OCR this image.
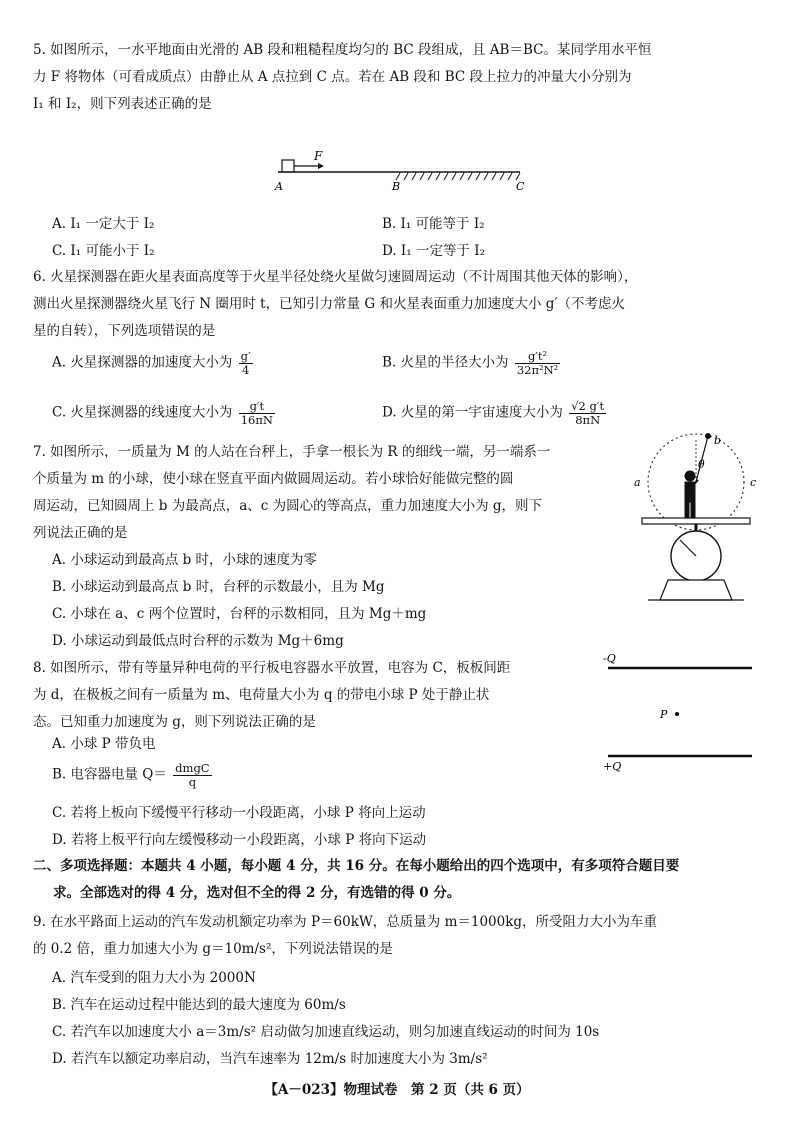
5. 如图所示，一水平地面由光滑的 AB 段和粗糙程度均匀的 BC 段组成，且 AB＝BC。某同学用水平恒
力 F 将物体（可看成质点）由静止从 A 点拉到 C 点。若在 AB 段和 BC 段上拉力的冲量大小分别为
I₁ 和 I₂，则下列表述正确的是
F
A	B	C
A. I₁ 一定大于 I₂	B. I₁ 可能等于 I₂
C. I₁ 可能小于 I₂	D. I₁ 一定等于 I₂
6. 火星探测器在距火星表面高度等于火星半径处绕火星做匀速圆周运动（不计周围其他天体的影响），
测出火星探测器绕火星飞行 N 圈用时 t，已知引力常量 G 和火星表面重力加速度大小 g′（不考虑火
星的自转），下列选项错误的是
A. 火星探测器的加速度大小为 $\frac{g'}{4}$	B. 火星的半径大小为 $\frac{\text{g′t²}}{\text{32π²N²}}$
C. 火星探测器的线速度大小为 $\frac{g't}{16\pi N}$	D. 火星的第一宇宙速度大小为 $\frac{√2 g't}{8\pi N}$
7. 如图所示，一质量为 M 的人站在台秤上，手拿一根长为 R 的细线一端，另一端系一
个质量为 m 的小球，使小球在竖直平面内做圆周运动。若小球恰好能做完整的圆
周运动，已知圆周上 b 为最高点，a、c 为圆心的等高点，重力加速度大小为 g，则下
列说法正确的是
A. 小球运动到最高点 b 时，小球的速度为零
B. 小球运动到最高点 b 时，台秤的示数最小，且为 Mg
C. 小球在 a、c 两个位置时，台秤的示数相同，且为 Mg＋mg
D. 小球运动到最低点时台秤的示数为 Mg＋6mg
b
θ
a	c
8. 如图所示，带有等量异种电荷的平行板电容器水平放置，电容为 C，板板间距
为 d，在极板之间有一质量为 m、电荷量大小为 q 的带电小球 P 处于静止状
态。已知重力加速度为 g，则下列说法正确的是
A. 小球 P 带负电
B. 电容器电量 $Q= \frac{\text{dmgC}}{q}$
C. 若将上板向下缓慢平行移动一小段距离，小球 P 将向上运动
D. 若将上板平行向左缓慢移动一小段距离，小球 P 将向下运动
-Q
P
+Q
二、多项选择题：本题共 4 小题，每小题 4 分，共 16 分。在每小题给出的四个选项中，有多项符合题目要
求。全部选对的得 4 分，选对但不全的得 2 分，有选错的得 0 分。
9. 在水平路面上运动的汽车发动机额定功率为 P＝60kW，总质量为 m＝1000kg，所受阻力大小为车重
的 0.2 倍，重力加速大小为 g＝10m/s²，下列说法错误的是
A. 汽车受到的阻力大小为 2000N
B. 汽车在运动过程中能达到的最大速度为 60m/s
C. 若汽车以加速度大小 a＝3m/s² 启动做匀加速直线运动，则匀加速直线运动的时间为 10s
D. 若汽车以额定功率启动，当汽车速率为 12m/s 时加速度大小为 3m/s²
【A－023】物理试卷　第 2 页（共 6 页）
